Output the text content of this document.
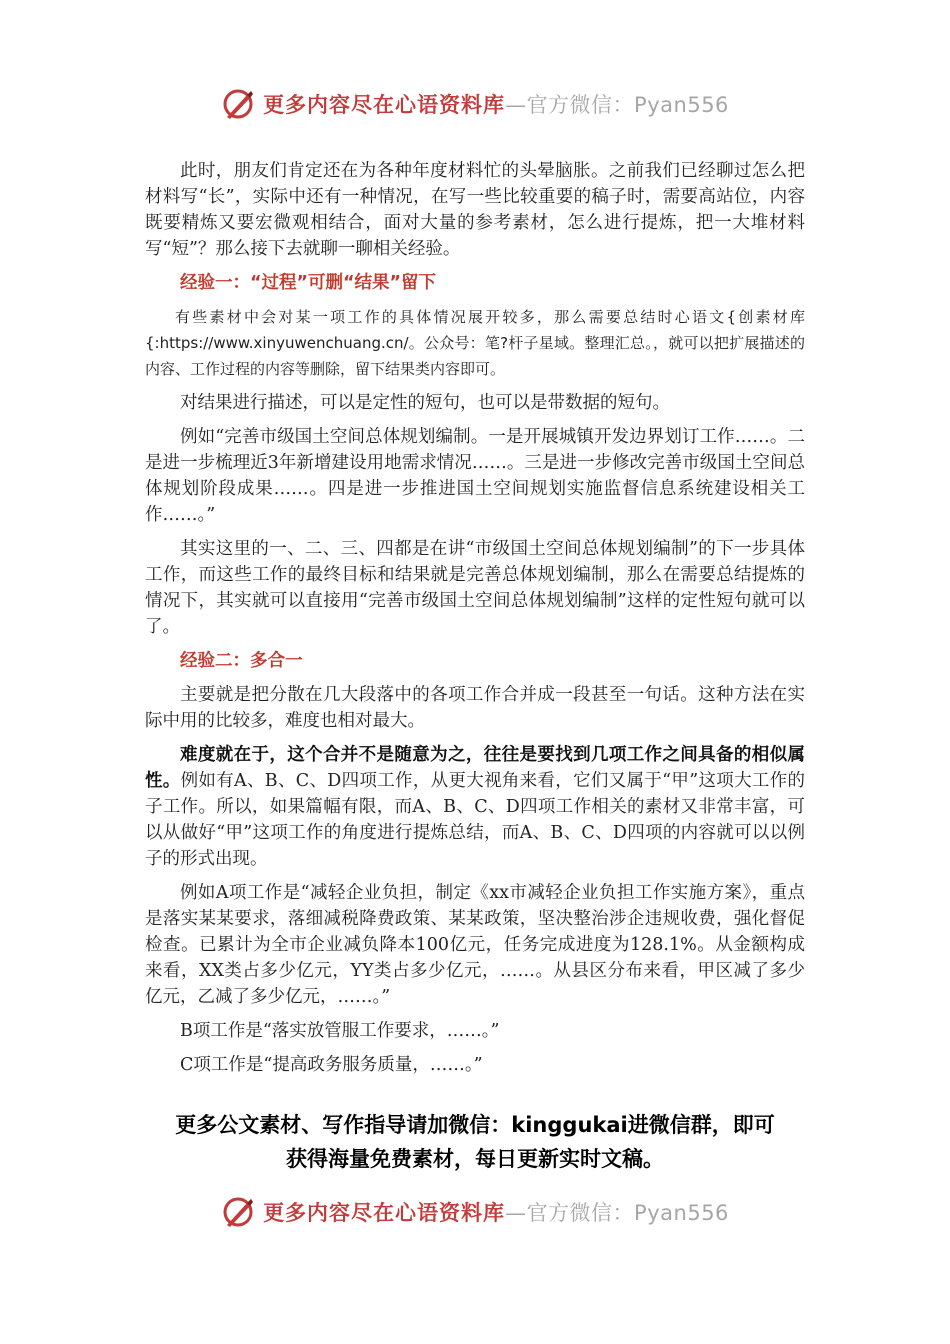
更多内容尽在心语资料库—官方微信：Pyan556

此时，朋友们肯定还在为各种年度材料忙的头晕脑胀。之前我们已经聊过怎么把材料写“长”，实际中还有一种情况，在写一些比较重要的稿子时，需要高站位，内容既要精炼又要宏微观相结合，面对大量的参考素材，怎么进行提炼，把一大堆材料写“短”？那么接下去就聊一聊相关经验。

经验一：“过程”可删“结果”留下

有些素材中会对某一项工作的具体情况展开较多，那么需要总结时心语文{创素材库{:https://www.xinyuwenchuang.cn/。公众号：笔?杆子星域。整理汇总。，就可以把扩展描述的内容、工作过程的内容等删除，留下结果类内容即可。

对结果进行描述，可以是定性的短句，也可以是带数据的短句。

例如“完善市级国土空间总体规划编制。一是开展城镇开发边界划订工作……。二是进一步梳理近3年新增建设用地需求情况……。三是进一步修改完善市级国土空间总体规划阶段成果……。四是进一步推进国土空间规划实施监督信息系统建设相关工作……。”

其实这里的一、二、三、四都是在讲“市级国土空间总体规划编制”的下一步具体工作，而这些工作的最终目标和结果就是完善总体规划编制，那么在需要总结提炼的情况下，其实就可以直接用“完善市级国土空间总体规划编制”这样的定性短句就可以了。

经验二：多合一

主要就是把分散在几大段落中的各项工作合并成一段甚至一句话。这种方法在实际中用的比较多，难度也相对最大。

难度就在于，这个合并不是随意为之，往往是要找到几项工作之间具备的相似属性。例如有A、B、C、D四项工作，从更大视角来看，它们又属于“甲”这项大工作的子工作。所以，如果篇幅有限，而A、B、C、D四项工作相关的素材又非常丰富，可以从做好“甲”这项工作的角度进行提炼总结，而A、B、C、D四项的内容就可以以例子的形式出现。

例如A项工作是“减轻企业负担，制定《xx市减轻企业负担工作实施方案》，重点是落实某某要求，落细减税降费政策、某某政策，坚决整治涉企违规收费，强化督促检查。已累计为全市企业减负降本100亿元，任务完成进度为128.1%。从金额构成来看，XX类占多少亿元，YY类占多少亿元，……。从县区分布来看，甲区减了多少亿元，乙减了多少亿元，……。”

B项工作是“落实放管服工作要求，……。”

C项工作是“提高政务服务质量，……。”

更多公文素材、写作指导请加微信：kinggukai进微信群，即可
获得海量免费素材，每日更新实时文稿。
更多内容尽在心语资料库—官方微信：Pyan556
